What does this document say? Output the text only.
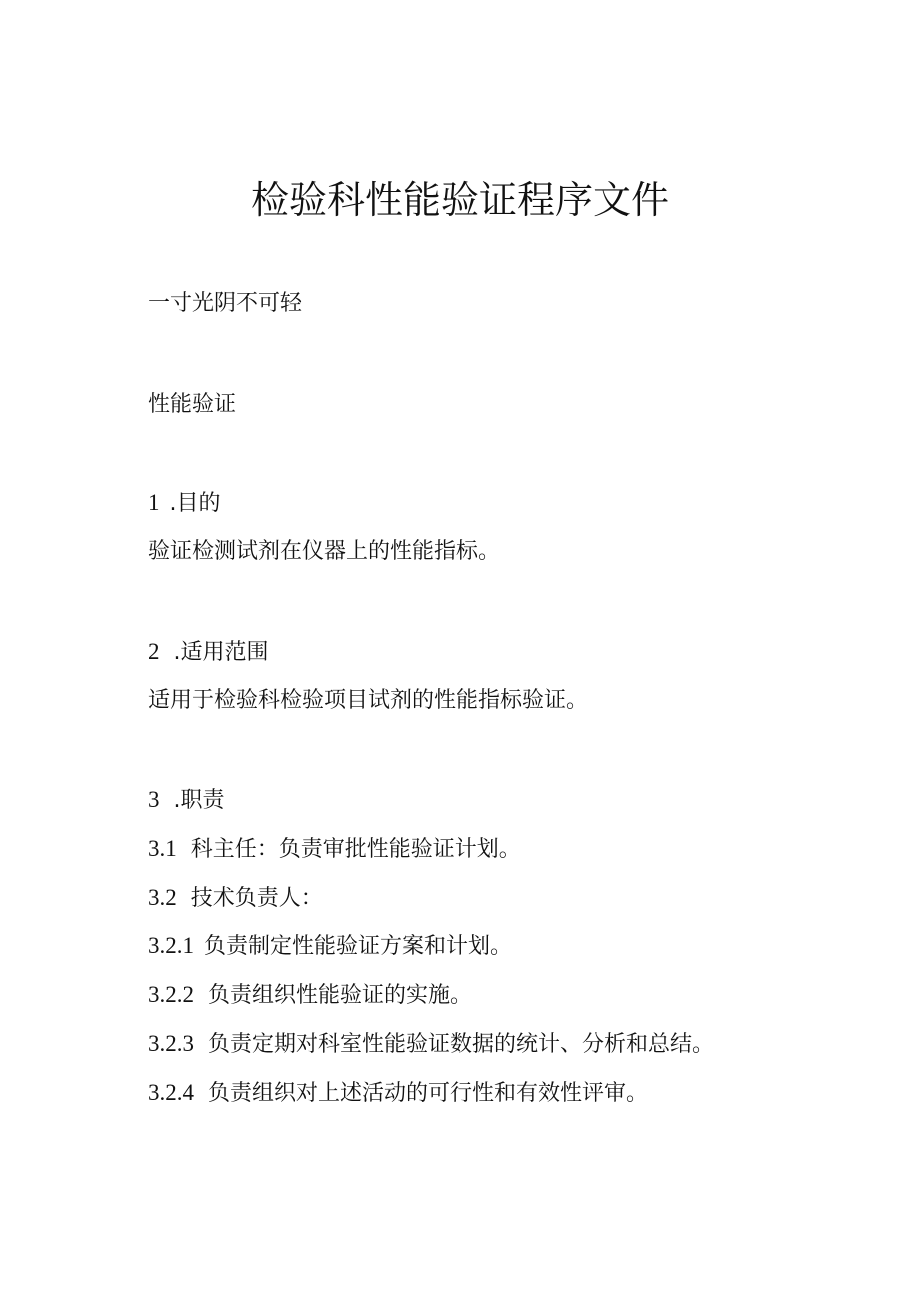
检验科性能验证程序文件
一寸光阴不可轻
性能验证
1 .目的
验证检测试剂在仪器上的性能指标。
2 .适用范围
适用于检验科检验项目试剂的性能指标验证。
3 .职责
3.1 科主任：负责审批性能验证计划。
3.2 技术负责人：
3.2.1 负责制定性能验证方案和计划。
3.2.2 负责组织性能验证的实施。
3.2.3 负责定期对科室性能验证数据的统计、分析和总结。
3.2.4 负责组织对上述活动的可行性和有效性评审。
